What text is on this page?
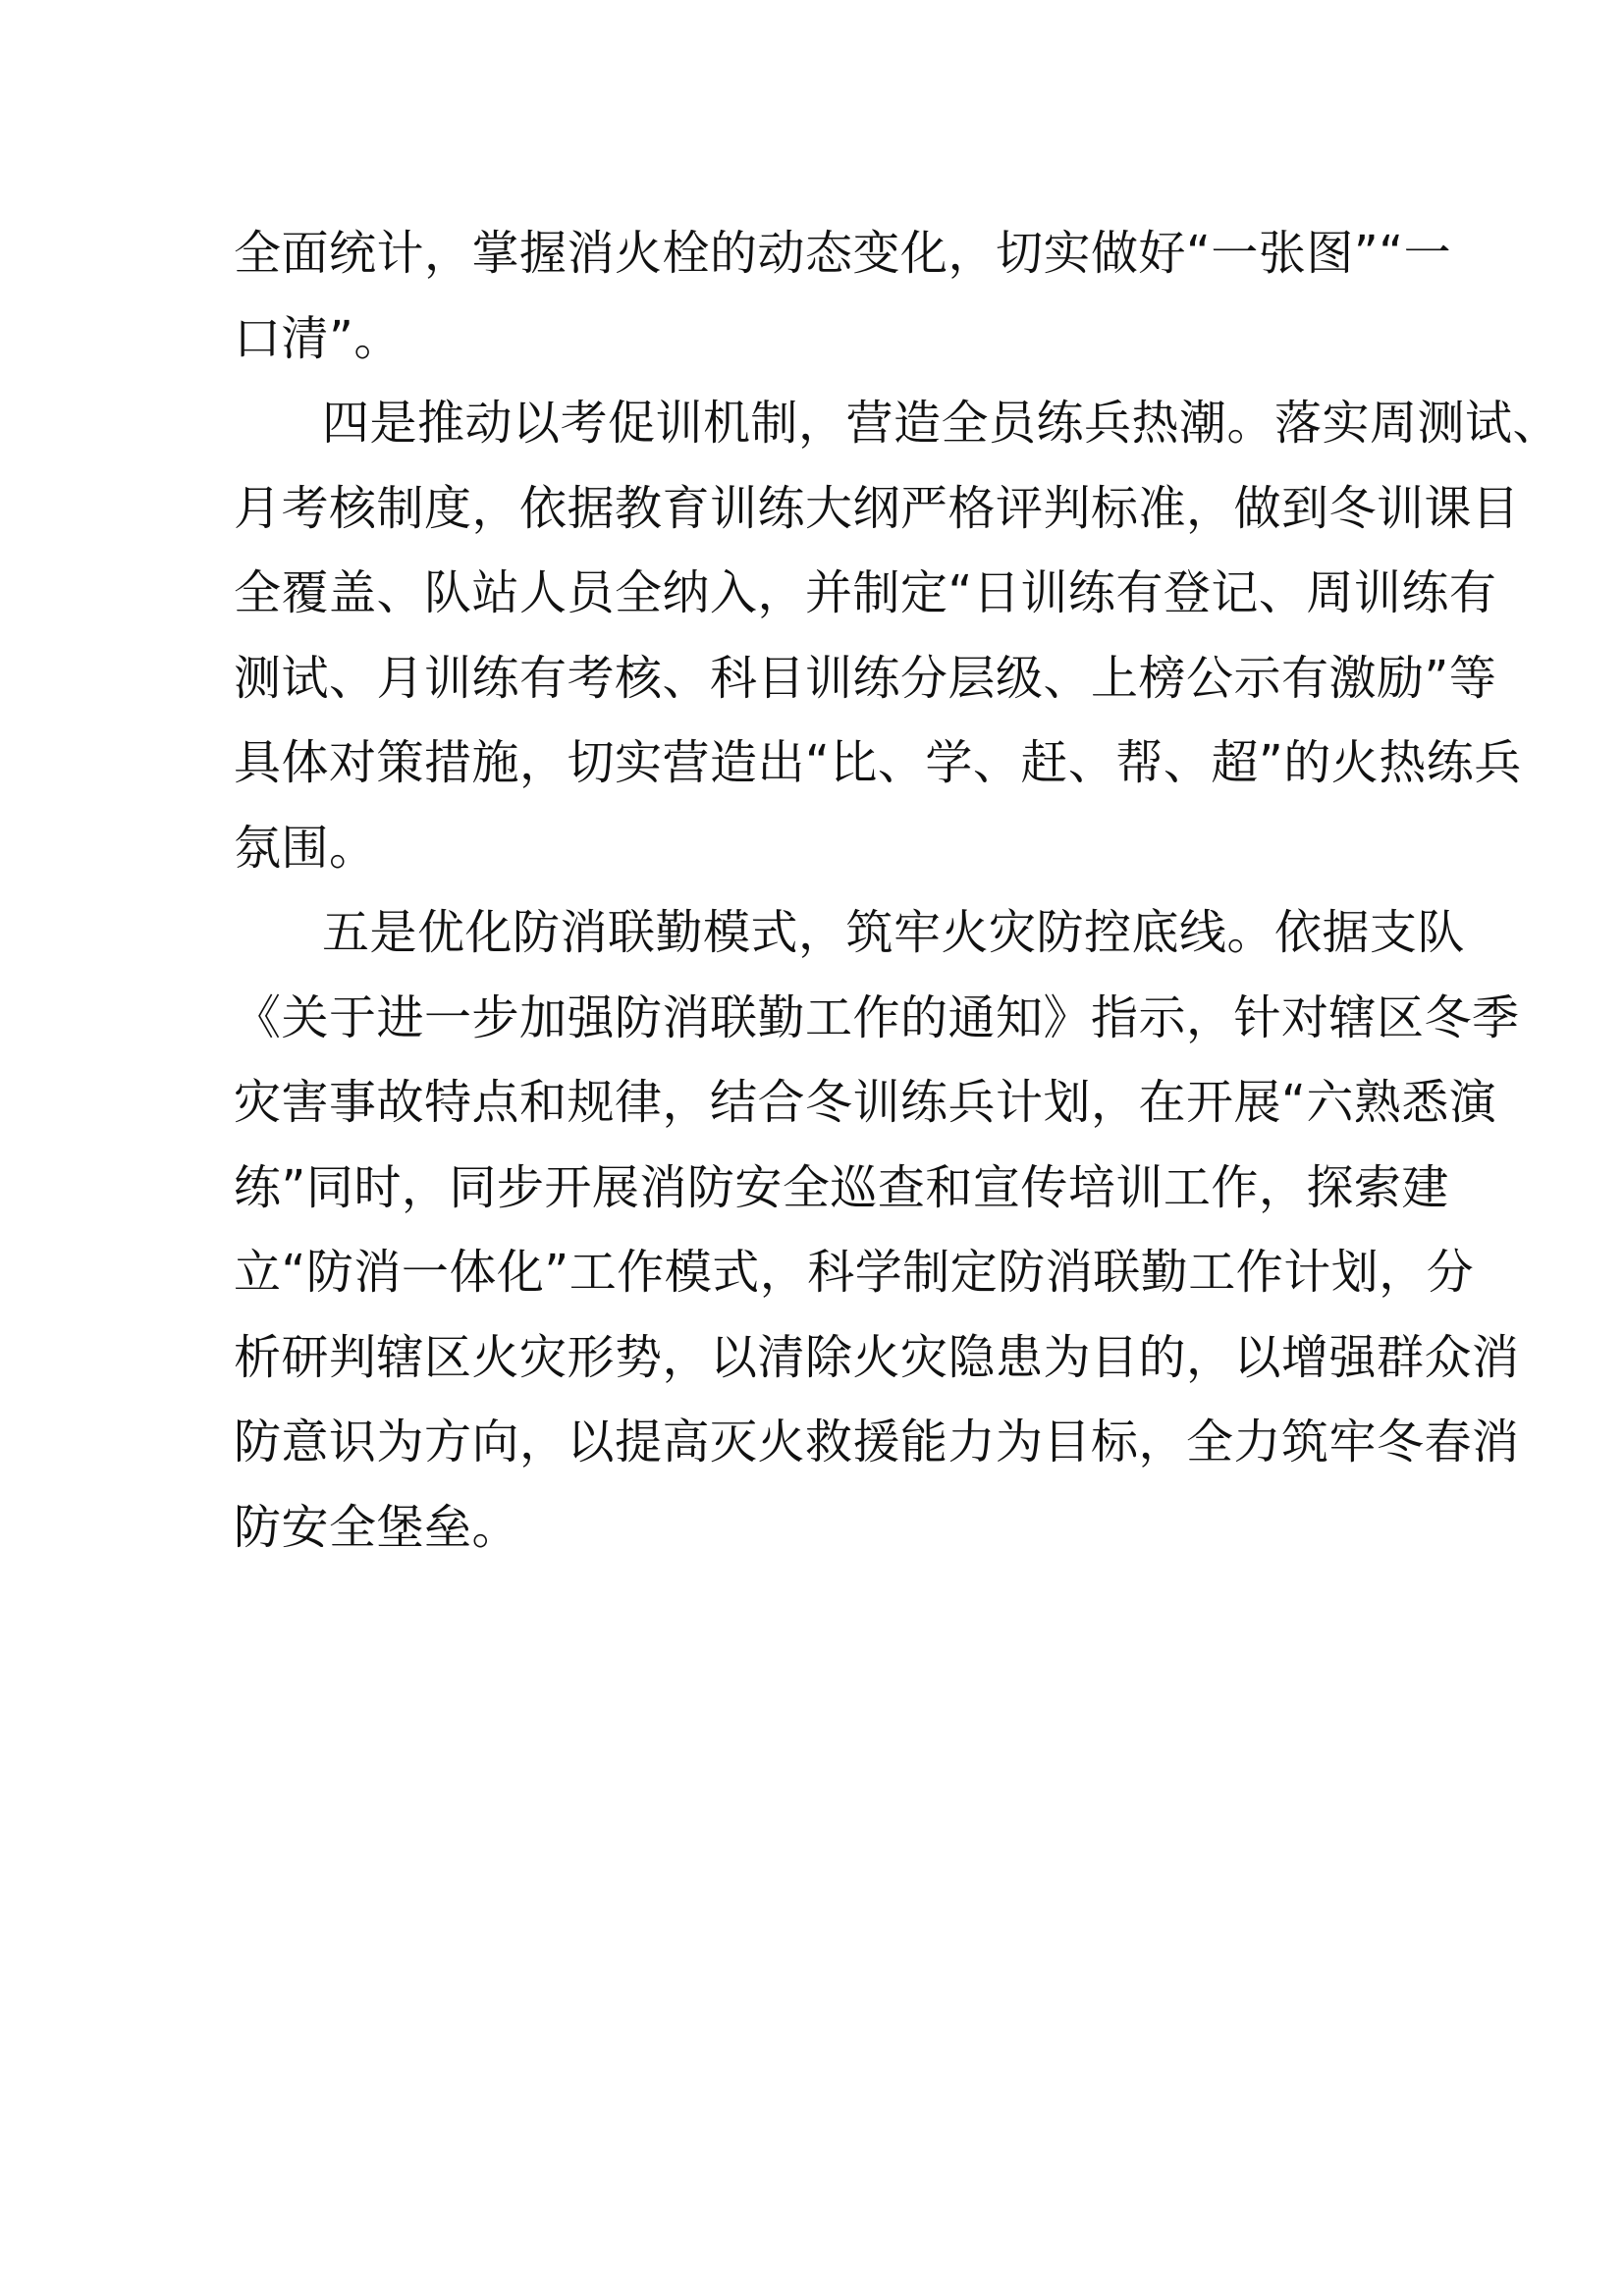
全面统计，掌握消火栓的动态变化，切实做好“一张图”“一
口清”。
四是推动以考促训机制，营造全员练兵热潮。落实周测试、
月考核制度，依据教育训练大纲严格评判标准，做到冬训课目
全覆盖、队站人员全纳入，并制定“日训练有登记、周训练有
测试、月训练有考核、科目训练分层级、上榜公示有激励”等
具体对策措施，切实营造出“比、学、赶、帮、超”的火热练兵
氛围。
五是优化防消联勤模式，筑牢火灾防控底线。依据支队
《关于进一步加强防消联勤工作的通知》指示，针对辖区冬季
灾害事故特点和规律，结合冬训练兵计划，在开展“六熟悉演
练”同时，同步开展消防安全巡查和宣传培训工作，探索建
立“防消一体化”工作模式，科学制定防消联勤工作计划，分
析研判辖区火灾形势，以清除火灾隐患为目的，以增强群众消
防意识为方向，以提高灭火救援能力为目标，全力筑牢冬春消
防安全堡垒。
